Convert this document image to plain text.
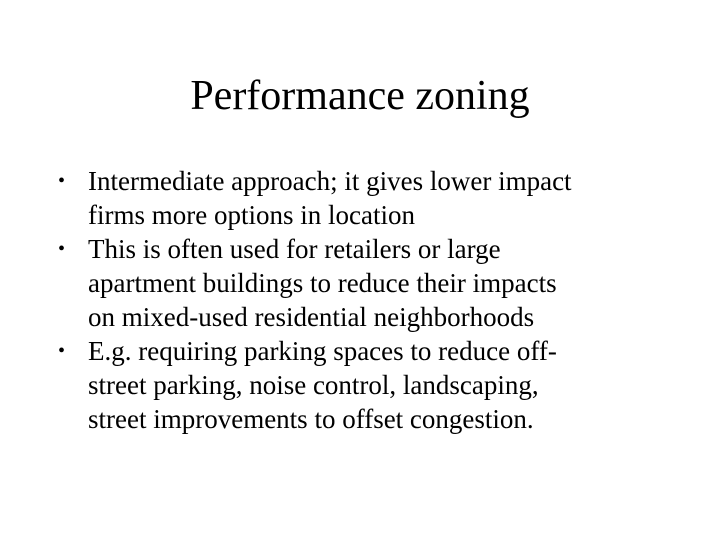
Performance zoning
• Intermediate approach; it gives lower impact
firms more options in location
• This is often used for retailers or large
apartment buildings to reduce their impacts
on mixed-used residential neighborhoods
• E.g. requiring parking spaces to reduce off-
street parking, noise control, landscaping,
street improvements to offset congestion.
